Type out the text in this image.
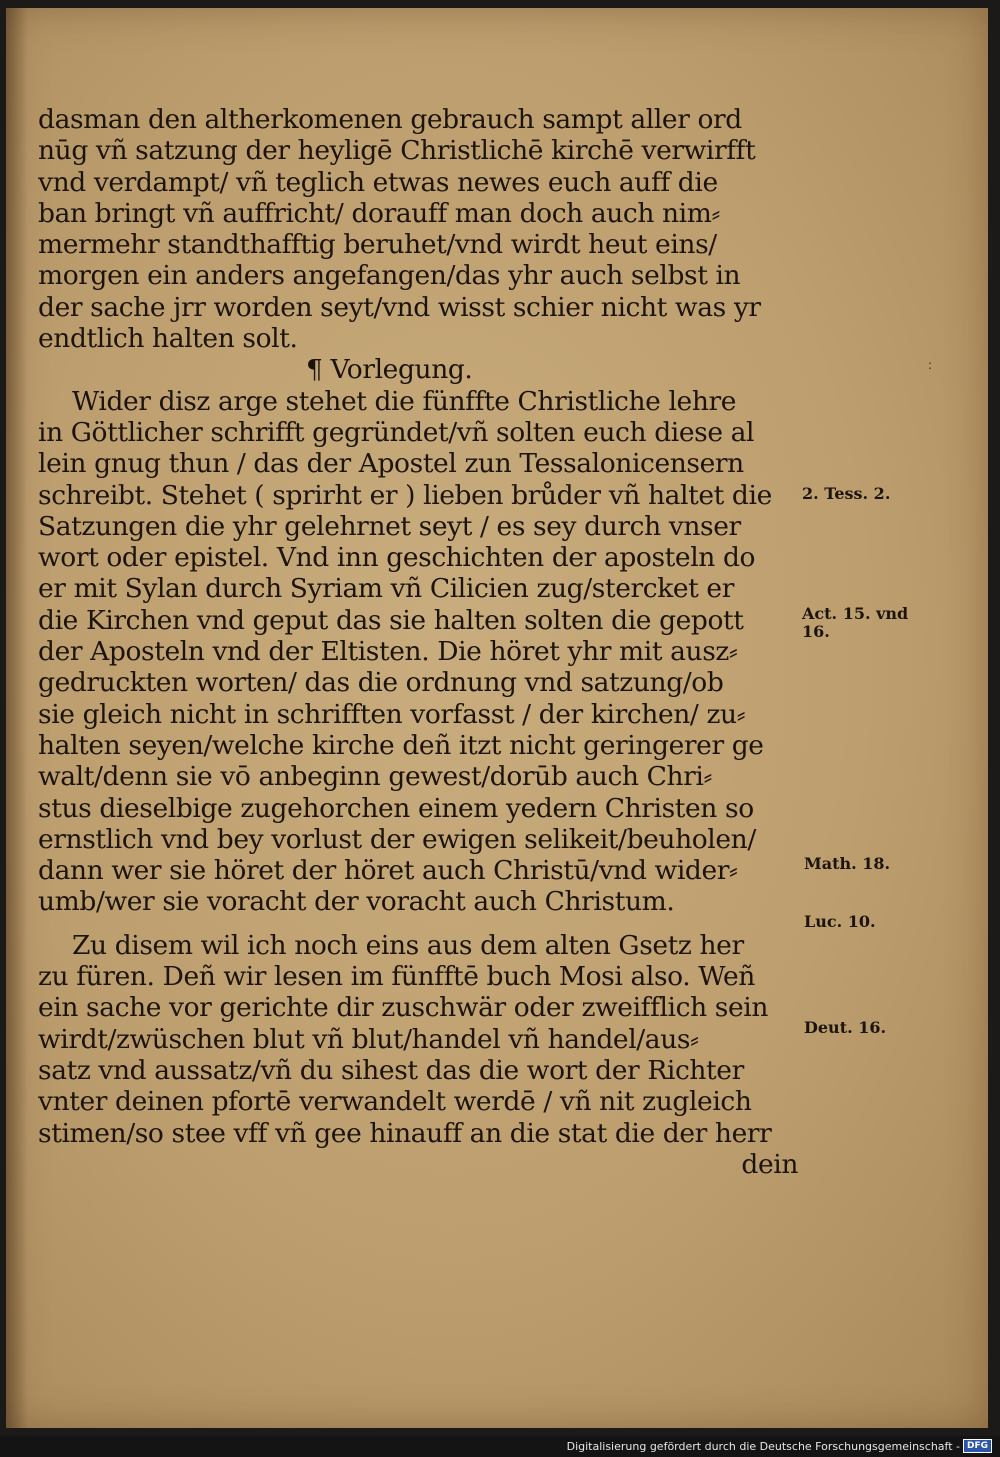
dasman den altherkomenen gebrauch sampt aller ord
nūg vñ satzung der heyligē Christlichē kirchē verwirfft
vnd verdampt/ vñ teglich etwas newes euch auff die
ban bringt vñ auffricht/ dorauff man doch auch nim⸗
mermehr standthafftig beruhet/vnd wirdt heut eins/
morgen ein anders angefangen/das yhr auch selbst in
der sache jrr worden seyt/vnd wisst schier nicht was yr
endtlich halten solt.
¶ Vorlegung.
Wider disz arge stehet die fünffte Christliche lehre
in Göttlicher schrifft gegründet/vñ solten euch diese al
lein gnug thun / das der Apostel zun Tessalonicensern
schreibt. Stehet ( sprirht er ) lieben brůder vñ haltet die
Satzungen die yhr gelehrnet seyt / es sey durch vnser
wort oder epistel. Vnd inn geschichten der aposteln do
er mit Sylan durch Syriam vñ Cilicien zug/stercket er
die Kirchen vnd geput das sie halten solten die gepott
der Aposteln vnd der Eltisten. Die höret yhr mit ausz⸗
gedruckten worten/ das die ordnung vnd satzung/ob
sie gleich nicht in schrifften vorfasst / der kirchen/ zu⸗
halten seyen/welche kirche deñ itzt nicht geringerer ge
walt/denn sie vō anbeginn gewest/dorūb auch Chri⸗
stus dieselbige zugehorchen einem yedern Christen so
ernstlich vnd bey vorlust der ewigen selikeit/beuholen/
dann wer sie höret der höret auch Christū/vnd wider⸗
umb/wer sie voracht der voracht auch Christum.
Zu disem wil ich noch eins aus dem alten Gsetz her
zu füren. Deñ wir lesen im fünfftē buch Mosi also. Weñ
ein sache vor gerichte dir zuschwär oder zweifflich sein
wirdt/zwüschen blut vñ blut/handel vñ handel/aus⸗
satz vnd aussatz/vñ du sihest das die wort der Richter
vnter deinen pfortē verwandelt werdē / vñ nit zugleich
stimen/so stee vff vñ gee hinauff an die stat die der herr
dein
:
2. Tess. 2.
Act. 15. vnd
16.
Math. 18.
Luc. 10.
Deut. 16.
Digitalisierung gefördert durch die Deutsche Forschungsgemeinschaft - DFG
